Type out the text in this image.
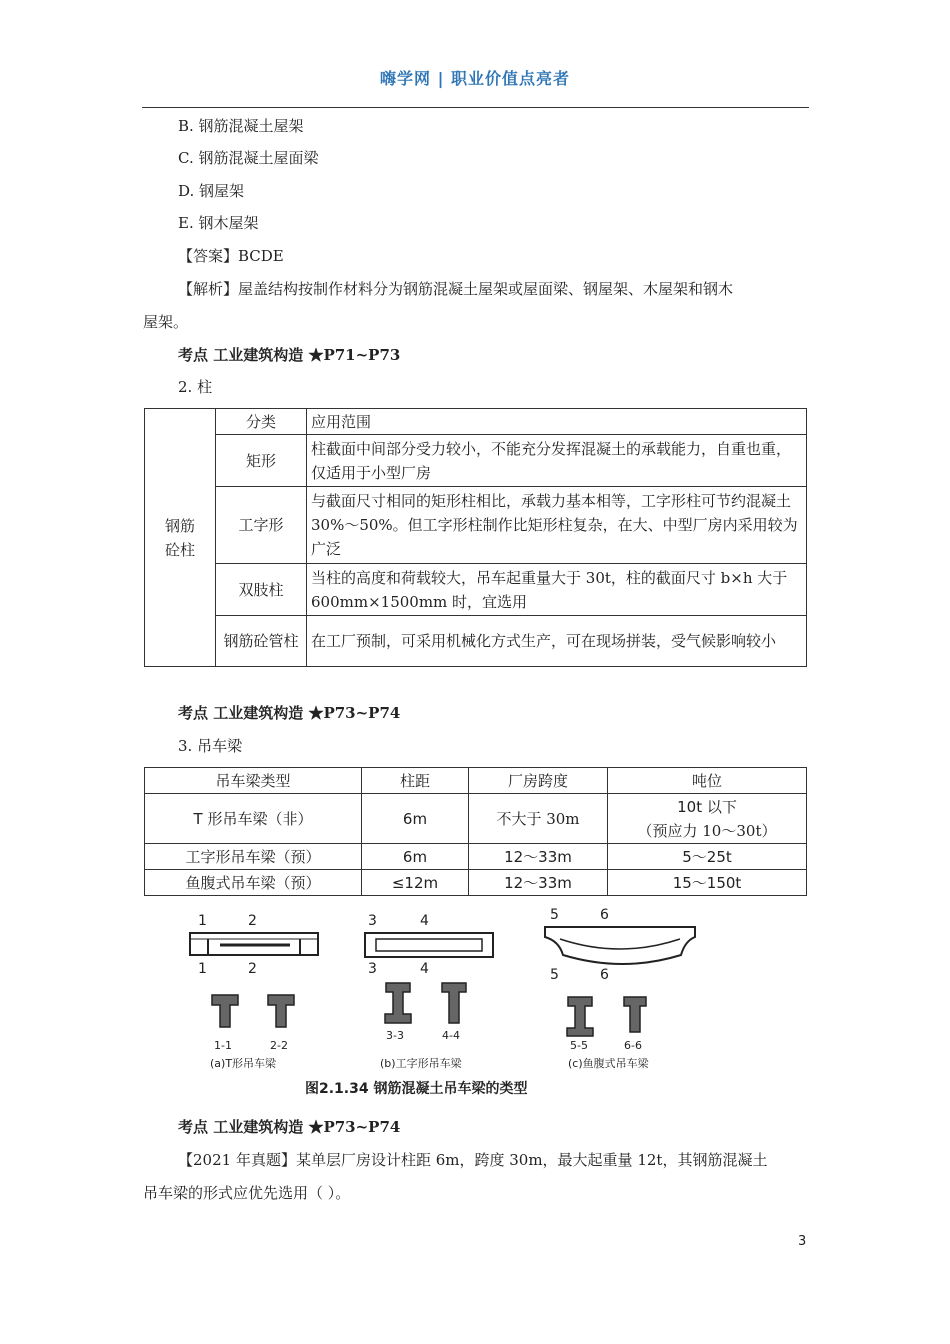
嗨学网 | 职业价值点亮者
B. 钢筋混凝土屋架
C. 钢筋混凝土屋面梁
D. 钢屋架
E. 钢木屋架
【答案】BCDE
【解析】屋盖结构按制作材料分为钢筋混凝土屋架或屋面梁、钢屋架、木屋架和钢木
屋架。
考点 工业建筑构造 ★P71~P73
2. 柱
钢筋
砼柱	分类	应用范围
	矩形	柱截面中间部分受力较小，不能充分发挥混凝土的承载能力，自重也重，仅适用于小型厂房
	工字形	与截面尺寸相同的矩形柱相比，承载力基本相等，工字形柱可节约混凝土 30%～50%。但工字形柱制作比矩形柱复杂，在大、中型厂房内采用较为广泛
	双肢柱	当柱的高度和荷载较大，吊车起重量大于 30t，柱的截面尺寸 b×h 大于 600mm×1500mm 时，宜选用
	钢筋砼管柱	在工厂预制，可采用机械化方式生产，可在现场拼装，受气候影响较小
考点 工业建筑构造 ★P73~P74
3. 吊车梁
吊车梁类型	柱距	厂房跨度	吨位
T 形吊车梁（非）	6m	不大于 30m	10t 以下
（预应力 10～30t）

工字形吊车梁（预）	6m	12～33m	5～25t
鱼腹式吊车梁（预）	≤12m	12～33m	15～150t
1	2
1	2
1-1	2-2
(a)T形吊车梁
3	4
3	4
3-3	4-4
(b)工字形吊车梁
5	6
5	6
5-5	6-6
(c)鱼腹式吊车梁
图2.1.34 钢筋混凝土吊车梁的类型
考点 工业建筑构造 ★P73~P74
【2021 年真题】某单层厂房设计柱距 6m，跨度 30m，最大起重量 12t，其钢筋混凝土
吊车梁的形式应优先选用（ ）。
3
